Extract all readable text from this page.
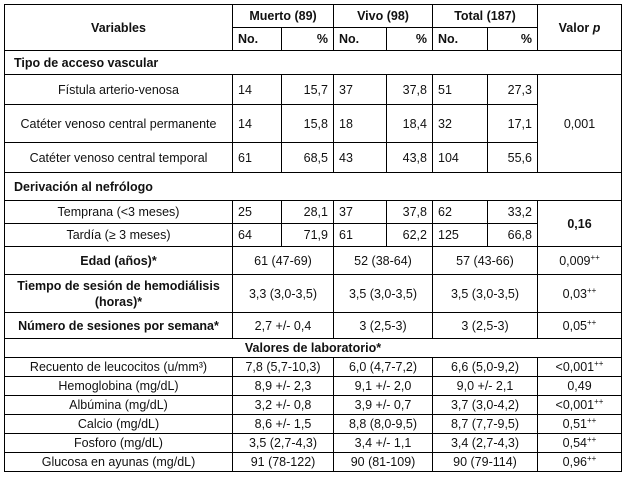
Variables	Muerto (89)		Vivo (98)		Total (187)		Valor p
	No.	%	No.	%	No.	%	
Tipo de acceso vascular							
Fístula arterio-venosa	14	15,7	37	37,8	51	27,3	0,001
Catéter venoso central permanente	14	15,8	18	18,4	32	17,1	
Catéter venoso central temporal	61	68,5	43	43,8	104	55,6	
Derivación al nefrólogo							
Temprana (<3 meses)	25	28,1	37	37,8	62	33,2	0,16
Tardía (≥ 3 meses)	64	71,9	61	62,2	125	66,8	
Edad (años)*	61 (47-69)		52 (38-64)		57 (43-66)		0,009++
Tiempo de sesión de hemodiálisis (horas)*	3,3 (3,0-3,5)		3,5 (3,0-3,5)		3,5 (3,0-3,5)		0,03++
Número de sesiones por semana*	2,7 +/- 0,4		3 (2,5-3)		3 (2,5-3)		0,05++
Valores de laboratorio*							
Recuento de leucocitos (u/mm³)	7,8 (5,7-10,3)		6,0 (4,7-7,2)		6,6 (5,0-9,2)		<0,001++
Hemoglobina (mg/dL)	8,9 +/- 2,3		9,1 +/- 2,0		9,0 +/- 2,1		0,49
Albúmina (mg/dL)	3,2 +/- 0,8		3,9 +/- 0,7		3,7 (3,0-4,2)		<0,001++
Calcio (mg/dL)	8,6 +/- 1,5		8,8 (8,0-9,5)		8,7 (7,7-9,5)		0,51++
Fosforo (mg/dL)	3,5 (2,7-4,3)		3,4 +/- 1,1		3,4 (2,7-4,3)		0,54++
Glucosa en ayunas (mg/dL)	91 (78-122)		90 (81-109)		90 (79-114)		0,96++
